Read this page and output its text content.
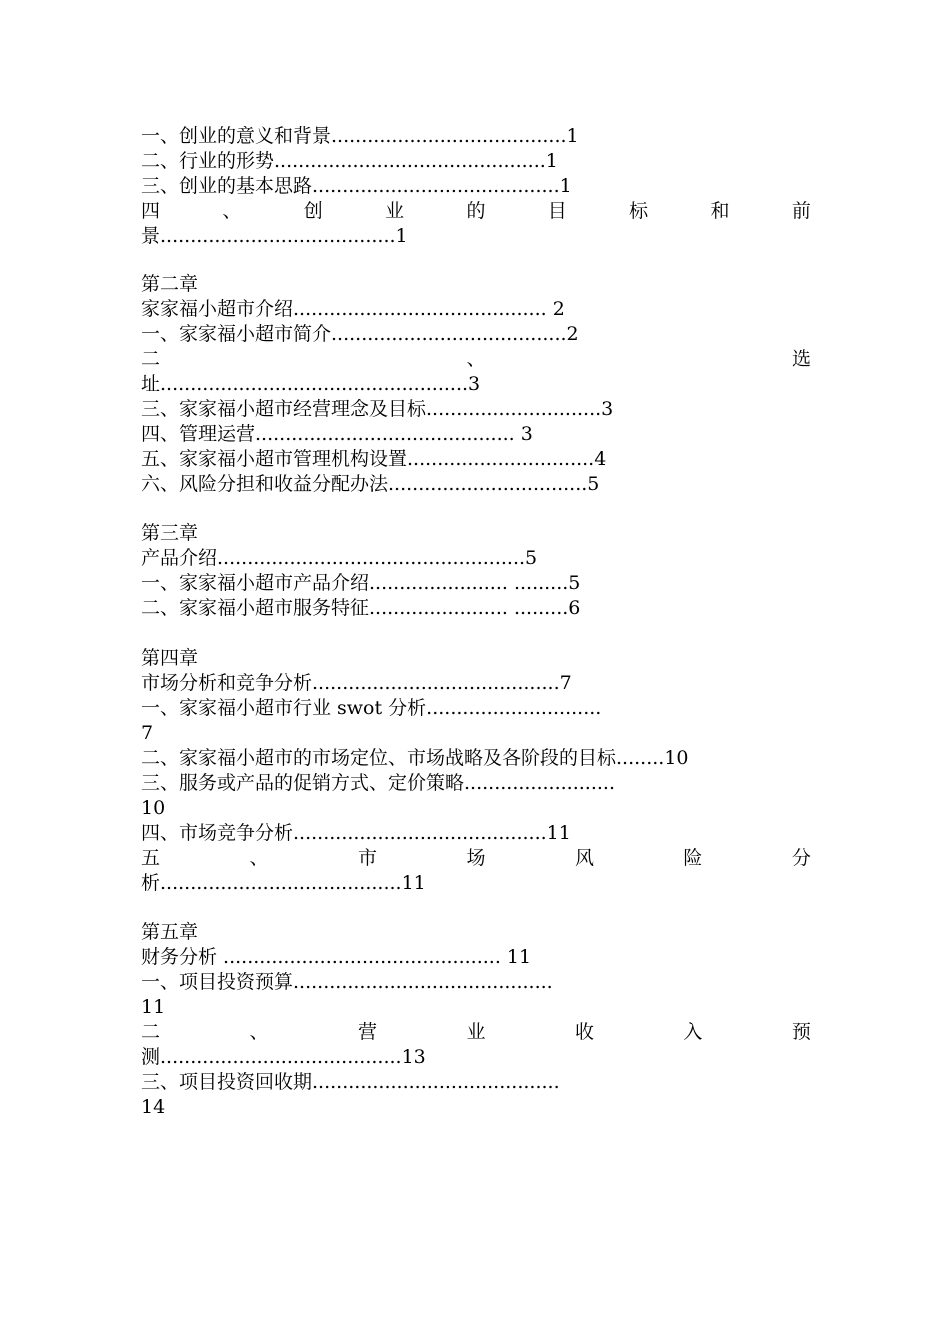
一、创业的意义和背景.......................................1
二、行业的形势.............................................1
三、创业的基本思路.........................................1
四	、	创	业	的	目	标	和	前
景.......................................1
第二章
家家福小超市介绍.......................................... 2
一、家家福小超市简介.......................................2
二	、	选
址...................................................3
三、家家福小超市经营理念及目标.............................3
四、管理运营........................................... 3
五、家家福小超市管理机构设置...............................4
六、风险分担和收益分配办法.................................5
第三章
产品介绍...................................................5
一、家家福小超市产品介绍....................... .........5
二、家家福小超市服务特征....................... .........6
第四章
市场分析和竞争分析.........................................7
一、家家福小超市行业 swot 分析.............................
7
二、家家福小超市的市场定位、市场战略及各阶段的目标........10
三、服务或产品的促销方式、定价策略.........................
10
四、市场竞争分析..........................................11
五	、	市	场	风	险	分
析........................................11
第五章
财务分析 .............................................. 11
一、项目投资预算...........................................
11
二	、	营	业	收	入	预
测........................................13
三、项目投资回收期.........................................
14
